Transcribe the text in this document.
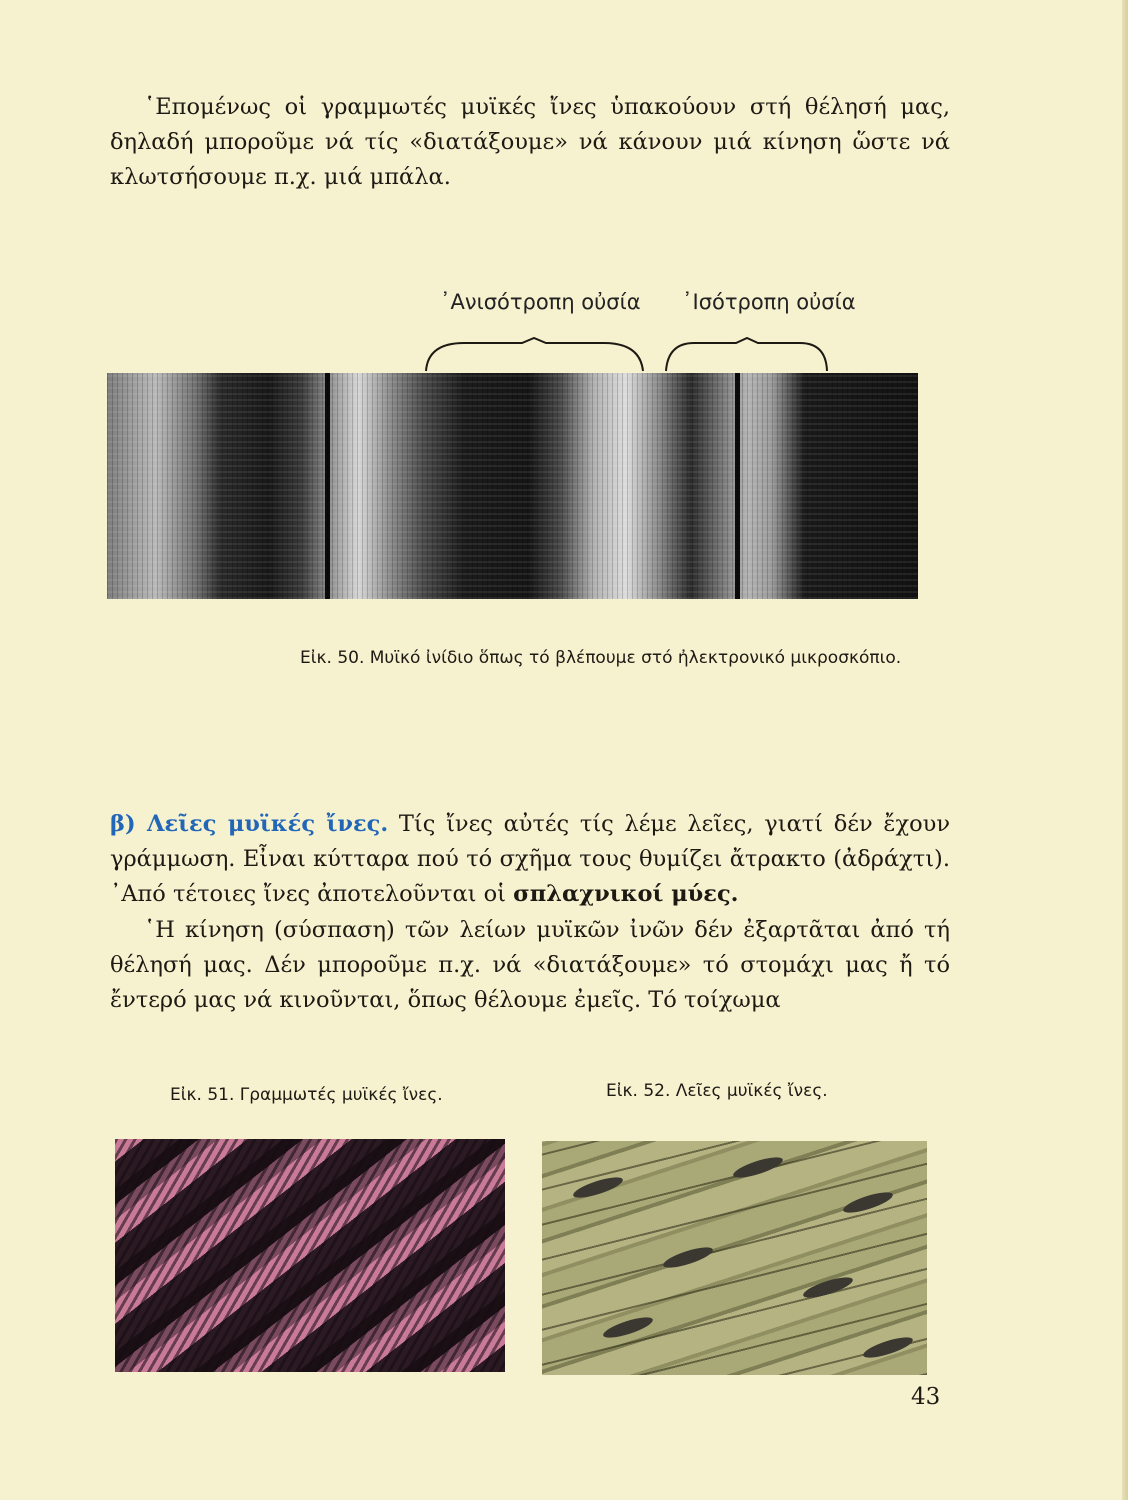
῾Επομένως οἱ γραμμωτές μυϊκές ἴνες ὑπακούουν στή θέλησή μας, δηλαδή μποροῦμε νά τίς «διατάξουμε» νά κάνουν μιά κίνηση ὥστε νά κλωτσήσουμε π.χ. μιά μπάλα.

᾿Ανισότροπη οὐσία ᾿Ισότροπη οὐσία
Εἰκ. 50. Μυϊκό ἰνίδιο ὅπως τό βλέπουμε στό ἠλεκτρονικό μικροσκόπιο.

β) Λεῖες μυϊκές ἴνες. Τίς ἴνες αὐτές τίς λέμε λεῖες, γιατί δέν ἔχουν γράμμωση. Εἶναι κύτταρα πού τό σχῆμα τους θυμίζει ἄτρακτο (ἀδράχτι). ᾿Από τέτοιες ἴνες ἀποτελοῦνται οἱ σπλαχνικοί μύες.

῾Η κίνηση (σύσπαση) τῶν λείων μυϊκῶν ἰνῶν δέν ἐξαρτᾶται ἀπό τή θέλησή μας. Δέν μποροῦμε π.χ. νά «διατάξουμε» τό στομάχι μας ἤ τό ἔντερό μας νά κινοῦνται, ὅπως θέλουμε ἐμεῖς. Τό τοίχωμα

Εἰκ. 51. Γραμμωτές μυϊκές ἴνες.	Εἰκ. 52. Λεῖες μυϊκές ἴνες.
43
